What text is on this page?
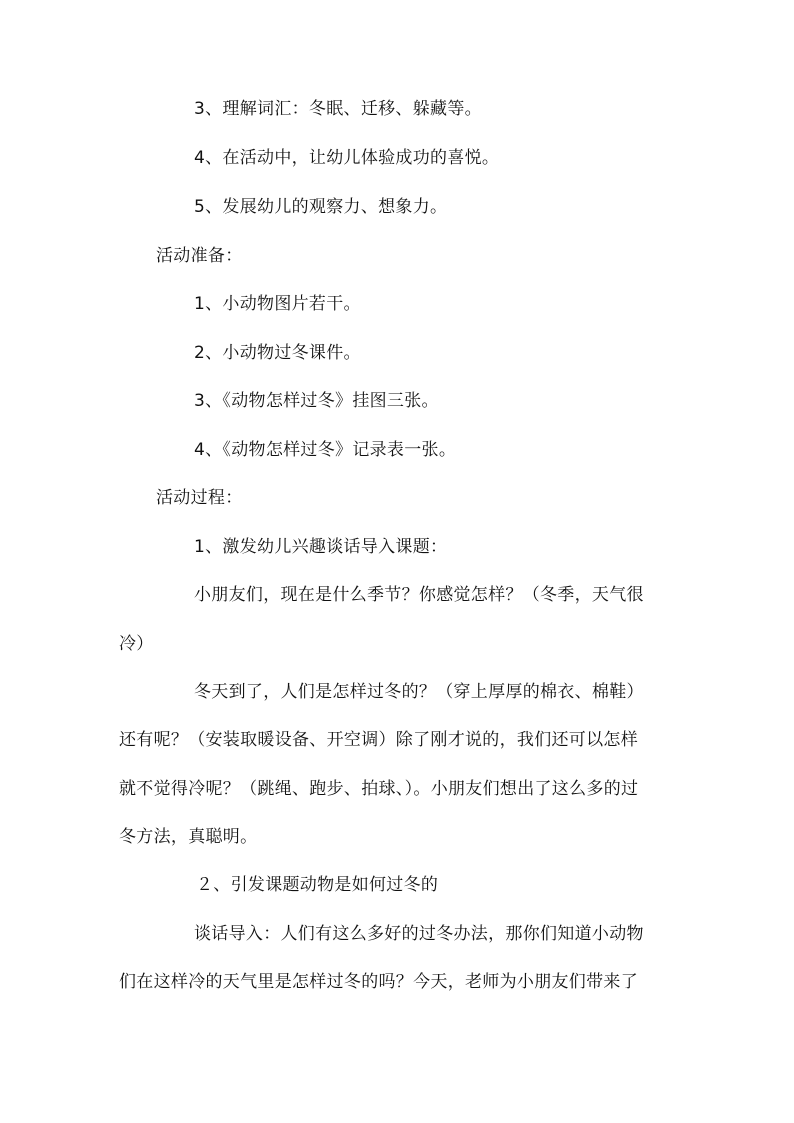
3、理解词汇：冬眠、迁移、躲藏等。
4、在活动中，让幼儿体验成功的喜悦。
5、发展幼儿的观察力、想象力。
活动准备：
1、小动物图片若干。
2、小动物过冬课件。
3、《动物怎样过冬》挂图三张。
4、《动物怎样过冬》记录表一张。
活动过程：
1、激发幼儿兴趣谈话导入课题：
小朋友们，现在是什么季节？你感觉怎样？（冬季，天气很
冷）
冬天到了，人们是怎样过冬的？（穿上厚厚的棉衣、棉鞋）
还有呢？（安装取暖设备、开空调）除了刚才说的，我们还可以怎样
就不觉得冷呢？（跳绳、跑步、拍球、）。小朋友们想出了这么多的过
冬方法，真聪明。
２、引发课题动物是如何过冬的
谈话导入：人们有这么多好的过冬办法，那你们知道小动物
们在这样冷的天气里是怎样过冬的吗？今天，老师为小朋友们带来了
